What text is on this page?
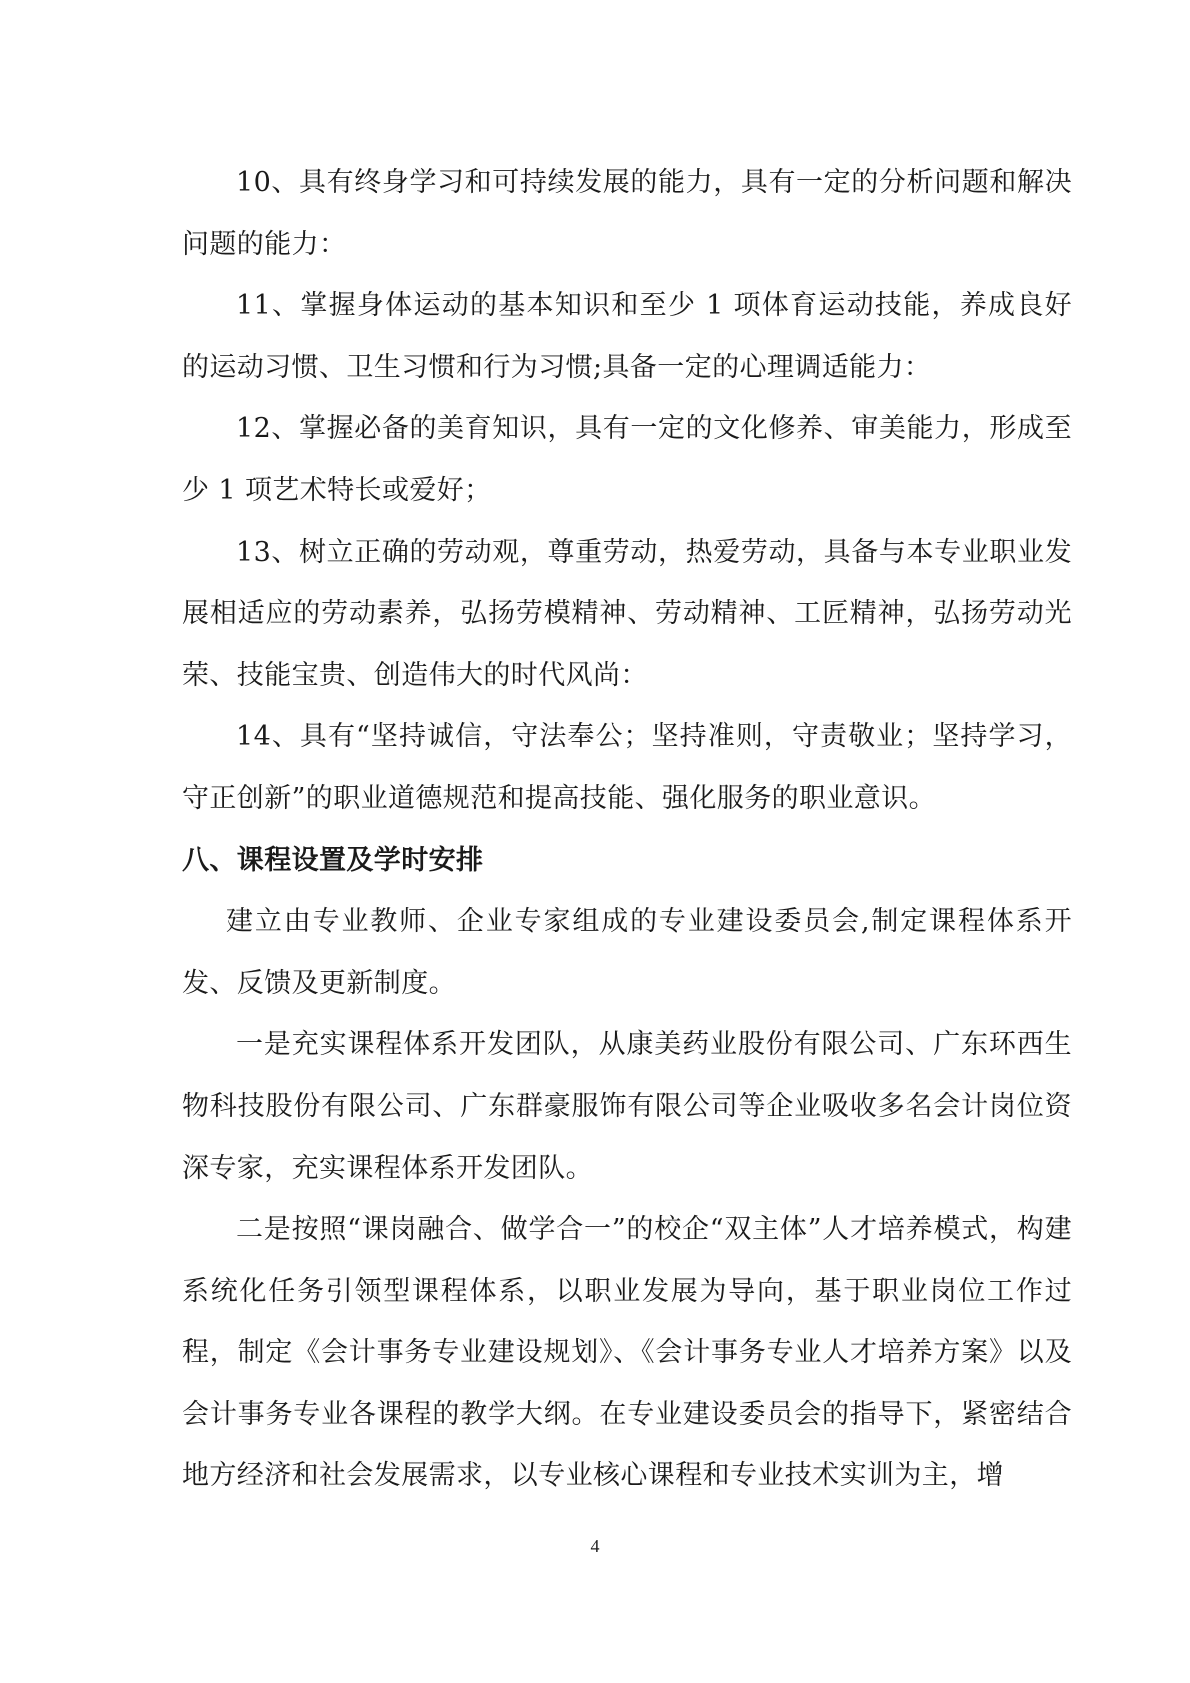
10、具有终身学习和可持续发展的能力，具有一定的分析问题和解决问题的能力：

11、掌握身体运动的基本知识和至少 1 项体育运动技能，养成良好的运动习惯、卫生习惯和行为习惯;具备一定的心理调适能力：

12、掌握必备的美育知识，具有一定的文化修养、审美能力，形成至少 1 项艺术特长或爱好；

13、树立正确的劳动观，尊重劳动，热爱劳动，具备与本专业职业发展相适应的劳动素养，弘扬劳模精神、劳动精神、工匠精神，弘扬劳动光荣、技能宝贵、创造伟大的时代风尚：

14、具有“坚持诚信，守法奉公；坚持准则，守责敬业；坚持学习，守正创新”的职业道德规范和提高技能、强化服务的职业意识。

八、课程设置及学时安排

建立由专业教师、企业专家组成的专业建设委员会,制定课程体系开发、反馈及更新制度。

一是充实课程体系开发团队，从康美药业股份有限公司、广东环西生物科技股份有限公司、广东群豪服饰有限公司等企业吸收多名会计岗位资深专家，充实课程体系开发团队。

二是按照“课岗融合、做学合一”的校企“双主体”人才培养模式，构建系统化任务引领型课程体系，以职业发展为导向，基于职业岗位工作过程，制定《会计事务专业建设规划》、《会计事务专业人才培养方案》以及会计事务专业各课程的教学大纲。在专业建设委员会的指导下，紧密结合地方经济和社会发展需求，以专业核心课程和专业技术实训为主，增

4
